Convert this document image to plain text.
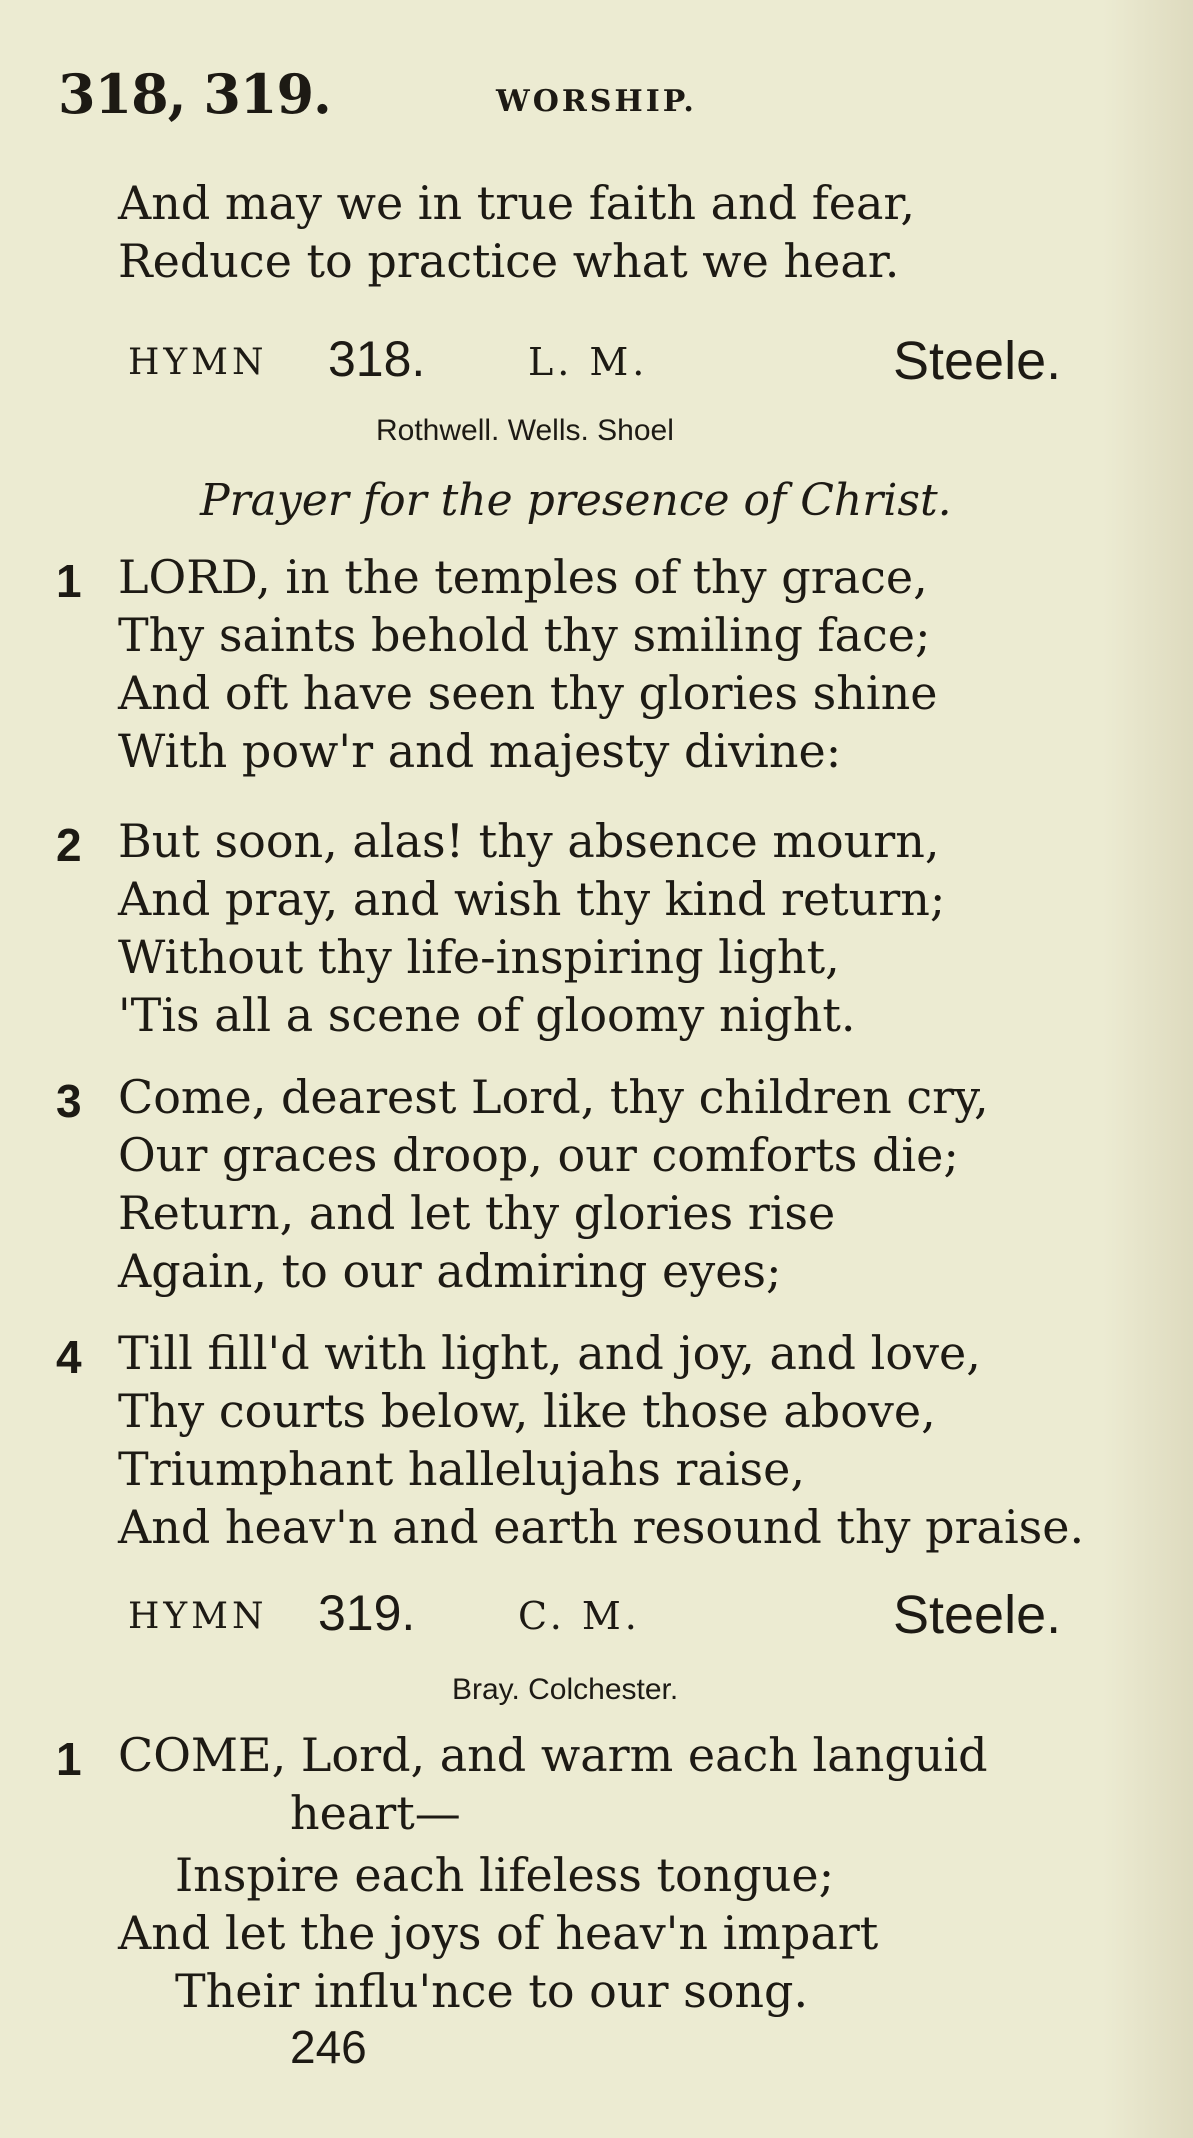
318, 319.	WORSHIP.
And may we in true faith and fear,
Reduce to practice what we hear.
HYMN 318.	L. M.	Steele.
Rothwell. Wells. Shoel
Prayer for the presence of Christ.
1 LORD, in the temples of thy grace,
Thy saints behold thy smiling face;
And oft have seen thy glories shine
With pow'r and majesty divine:
2 But soon, alas! thy absence mourn,
And pray, and wish thy kind return;
Without thy life-inspiring light,
'Tis all a scene of gloomy night.
3 Come, dearest Lord, thy children cry,
Our graces droop, our comforts die;
Return, and let thy glories rise
Again, to our admiring eyes;
4 Till fill'd with light, and joy, and love,
Thy courts below, like those above,
Triumphant hallelujahs raise,
And heav'n and earth resound thy praise.
HYMN 319.	C. M.	Steele.
Bray. Colchester.
1 COME, Lord, and warm each languid
heart—
Inspire each lifeless tongue;
And let the joys of heav'n impart
Their influ'nce to our song.
246
